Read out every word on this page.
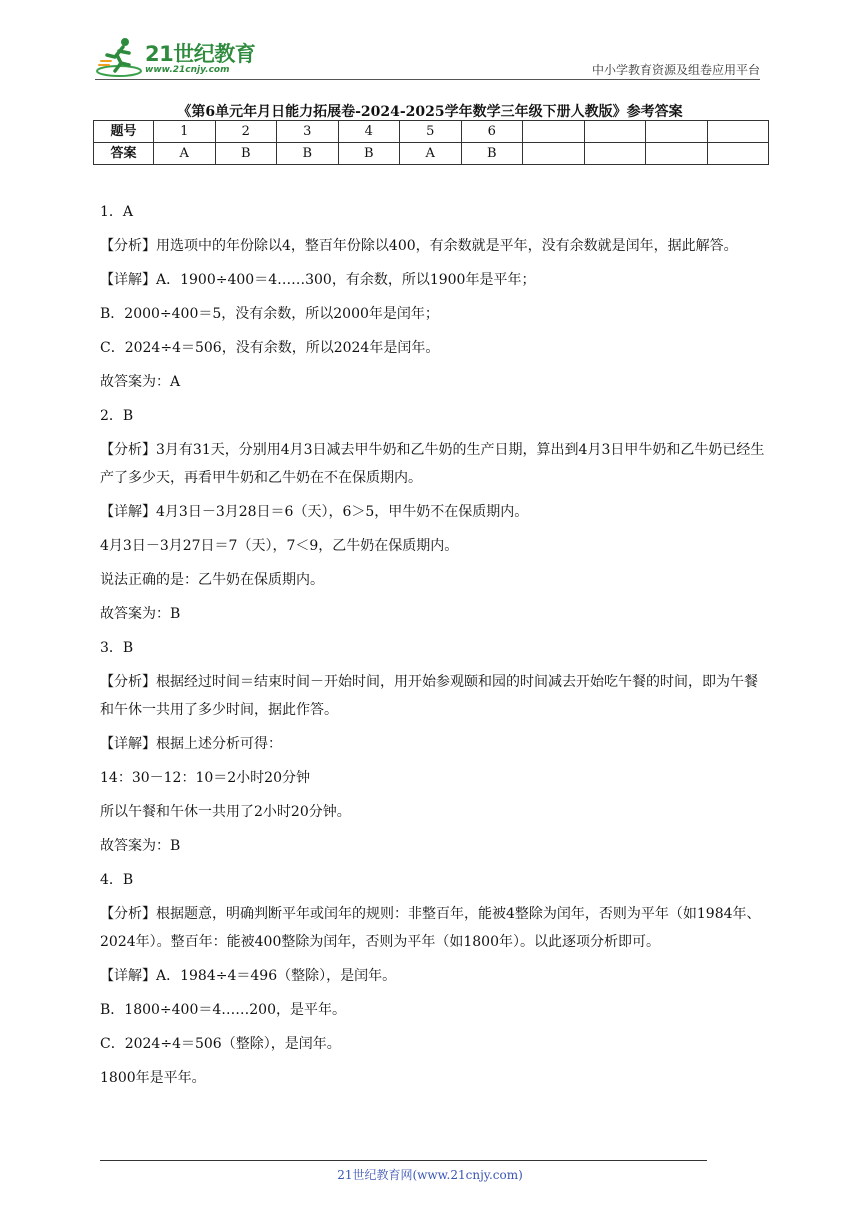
21世纪教育
www.21cnjy.com	中小学教育资源及组卷应用平台
《第6单元年月日能力拓展卷-2024-2025学年数学三年级下册人教版》参考答案
题号	1	2	3	4	5	6				
答案	A	B	B	B	A	B				

1．A

【分析】用选项中的年份除以4，整百年份除以400，有余数就是平年，没有余数就是闰年，据此解答。

【详解】A．1900÷400＝4……300，有余数，所以1900年是平年；

B．2000÷400＝5，没有余数，所以2000年是闰年；

C．2024÷4＝506，没有余数，所以2024年是闰年。

故答案为：A

2．B

【分析】3月有31天，分别用4月3日减去甲牛奶和乙牛奶的生产日期，算出到4月3日甲牛奶和乙牛奶已经生产了多少天，再看甲牛奶和乙牛奶在不在保质期内。

【详解】4月3日－3月28日＝6（天），6＞5，甲牛奶不在保质期内。

4月3日－3月27日＝7（天），7＜9，乙牛奶在保质期内。

说法正确的是：乙牛奶在保质期内。

故答案为：B

3．B

【分析】根据经过时间＝结束时间－开始时间，用开始参观颐和园的时间减去开始吃午餐的时间，即为午餐和午休一共用了多少时间，据此作答。

【详解】根据上述分析可得：

14：30－12：10＝2小时20分钟

所以午餐和午休一共用了2小时20分钟。

故答案为：B

4．B

【分析】根据题意，明确判断平年或闰年的规则：非整百年，能被4整除为闰年，否则为平年（如1984年、2024年）。整百年：能被400整除为闰年，否则为平年（如1800年）。以此逐项分析即可。

【详解】A．1984÷4＝496（整除），是闰年。

B．1800÷400＝4……200，是平年。

C．2024÷4＝506（整除），是闰年。

1800年是平年。

21世纪教育网(www.21cnjy.com)
